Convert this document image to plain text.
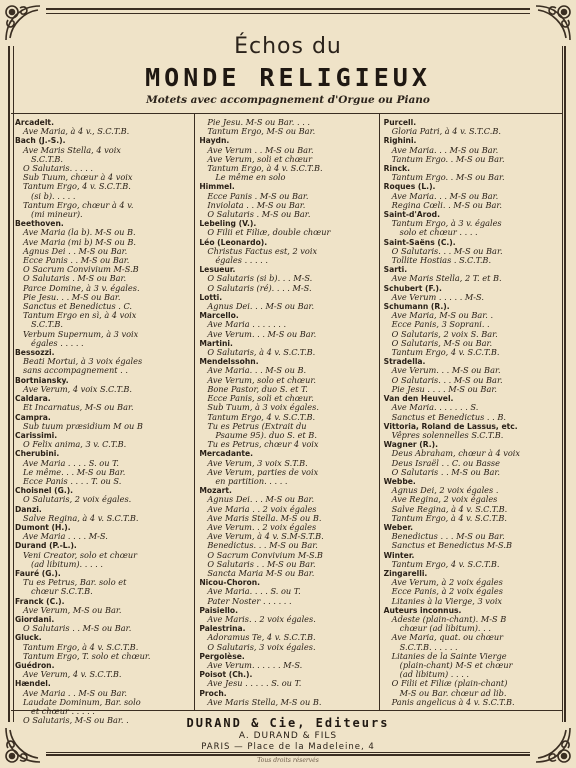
Échos du
MONDE RELIGIEUX
Motets avec accompagnement d'Orgue ou Piano
Arcadelt.
Ave Maria, à 4 v., S.C.T.B.
Bach (J.-S.).
Ave Maris Stella, 4 voix
S.C.T.B.
O Salutaris. . . . .
Sub Tuum, chœur à 4 voix
Tantum Ergo, 4 v. S.C.T.B.
(si b). . . . .
Tantum Ergo, chœur à 4 v.
(mi mineur).
Beethoven.
Ave Maria (la b). M-S ou B.
Ave Maria (mi b) M-S ou B.
Agnus Dei . . M-S ou Bar.
Ecce Panis . . M-S ou Bar.
O Sacrum Convivium M-S.B
O Salutaris . M-S ou Bar.
Parce Domine, à 3 v. égales.
Pie Jesu. . . M-S ou Bar.
Sanctus et Benedictus . C.
Tantum Ergo en sì, à 4 voix
S.C.T.B.
Verbum Supernum, à 3 voix
égales . . . . .
Bessozzi.
Beati Mortui, à 3 voix égales
sans accompagnement . .
Bortniansky.
Ave Verum, 4 voix S.C.T.B.
Caldara.
Et Incarnatus, M-S ou Bar.
Campra.
Sub tuum præsidium M ou B
Carissimi.
O Felix anima, 3 v. C.T.B.
Cherubini.
Ave Maria . . . . S. ou T.
Le même. . . M-S ou Bar.
Ecce Panis . . . . T. ou S.
Choisnel (G.).
O Salutaris, 2 voix égales.
Danzi.
Salve Regina, à 4 v. S.C.T.B.
Dumont (H.).
Ave Maria . . . . M-S.
Durand (P.-L.).
Veni Creator, solo et chœur
(ad libitum). . . . .
Fauré (G.).
Tu es Petrus, Bar. solo et
chœur S.C.T.B.
Franck (C.).
Ave Verum, M-S ou Bar.
Giordani.
O Salutaris . . M-S ou Bar.
Gluck.
Tantum Ergo, à 4 v. S.C.T.B.
Tantum Ergo, T. solo et chœur.
Guédron.
Ave Verum, 4 v. S.C.T.B.
Hændel.
Ave Maria . . M-S ou Bar.
Laudate Dominum, Bar. solo
et chœur . . . . .
O Salutaris, M-S ou Bar. .
Pie Jesu. M-S ou Bar. . . .
Tantum Ergo, M-S ou Bar.
Haydn.
Ave Verum . . M-S ou Bar.
Ave Verum, soli et chœur
Tantum Ergo, à 4 v. S.C.T.B.
Le même en solo
Himmel.
Ecce Panis . M-S ou Bar.
Inviolata . . M-S ou Bar.
O Salutaris . M-S ou Bar.
Lebeling (V.).
O Filii et Filiæ, double chœur
Léo (Leonardo).
Christus Factus est, 2 voix
égales . . . . .
Lesueur.
O Salutaris (si b). . . M-S.
O Salutaris (ré). . . . M-S.
Lotti.
Agnus Dei. . . M-S ou Bar.
Marcello.
Ave Maria . . . . . . .
Ave Verum. . . M-S ou Bar.
Martini.
O Salutaris, à 4 v. S.C.T.B.
Mendelssohn.
Ave Maria. . . M-S ou B.
Ave Verum, solo et chœur.
Bone Pastor, duo S. et T.
Ecce Panis, soli et chœur.
Sub Tuum, à 3 voix égales.
Tantum Ergo, 4 v. S.C.T.B.
Tu es Petrus (Extrait du
Psaume 95). duo S. et B.
Tu es Petrus, chœur 4 voix
Mercadante.
Ave Verum, 3 voix S.T.B.
Ave Verum, parties de voix
en partition. . . . .
Mozart.
Agnus Dei. . . M-S ou Bar.
Ave Maria . . 2 voix égales
Ave Maris Stella. M-S ou B.
Ave Verum. . 2 voix égales
Ave Verum, à 4 v. S.M-S.T.B.
Benedictus. . . M-S ou Bar.
O Sacrum Convivium M-S.B
O Salutaris . . M-S ou Bar.
Sancta Maria M-S ou Bar.
Nicou-Choron.
Ave Maria. . . . S. ou T.
Pater Noster . . . . . .
Paisiello.
Ave Maris. . 2 voix égales.
Palestrina.
Adoramus Te, 4 v. S.C.T.B.
O Salutaris, 3 voix égales.
Pergolèse.
Ave Verum. . . . . . M-S.
Poisot (Ch.).
Ave Jesu . . . . . S. ou T.
Proch.
Ave Maris Stella, M-S ou B.
Purcell.
Gloria Patri, à 4 v. S.T.C.B.
Righini.
Ave Maria. . . M-S ou Bar.
Tantum Ergo. . M-S ou Bar.
Rinck.
Tantum Ergo. . M-S ou Bar.
Roques (L.).
Ave Maria. . . M-S ou Bar.
Regina Cœli. . M-S ou Bar.
Saint-d'Arod.
Tantum Ergo, à 3 v. égales
solo et chœur . . . .
Saint-Saëns (C.).
O Salutaris. . . M-S ou Bar.
Tollite Hostias . S.C.T.B.
Sarti.
Ave Maris Stella, 2 T. et B.
Schubert (F.).
Ave Verum . . . . . M-S.
Schumann (R.).
Ave Maria, M-S ou Bar. .
Ecce Panis, 3 Soprani. .
O Salutaris, 2 voix S. Bar.
O Salutaris, M-S ou Bar.
Tantum Ergo, 4 v. S.C.T.B.
Stradella.
Ave Verum. . . M-S ou Bar.
O Salutaris. . . M-S ou Bar.
Pie Jesu . . . . M-S ou Bar.
Van den Heuvel.
Ave Maria. . . . . . . S.
Sanctus et Benedictus . . B.
Vittoria, Roland de Lassus, etc.
Vêpres solennelles S.C.T.B.
Wagner (R.).
Deus Abraham, chœur à 4 voix
Deus Israël . . C. ou Basse
O Salutaris . . M-S ou Bar.
Webbe.
Agnus Dei, 2 voix égales .
Ave Regina, 2 voix égales
Salve Regina, à 4 v. S.C.T.B.
Tantum Ergo, à 4 v. S.C.T.B.
Weber.
Benedictus . . . M-S ou Bar.
Sanctus et Benedictus M-S.B
Winter.
Tantum Ergo, 4 v. S.C.T.B.
Zingarelli.
Ave Verum, à 2 voix égales
Ecce Panis, à 2 voix égales
Litanies à la Vierge, 3 voix
Auteurs inconnus.
Adeste (plain-chant). M-S B
chœur (ad libitum). . .
Ave Maria, quat. ou chœur
S.C.T.B. . . . . .
Litanies de la Sainte Vierge
(plain-chant) M-S et chœur
(ad libitum) . . . .
O Filii et Filiæ (plain-chant)
M-S ou Bar. chœur ad lib.
Panis angelicus à 4 v. S.C.T.B.
DURAND & Cie, Editeurs
A. DURAND & FILS
PARIS — Place de la Madeleine, 4
Tous droits réservés
